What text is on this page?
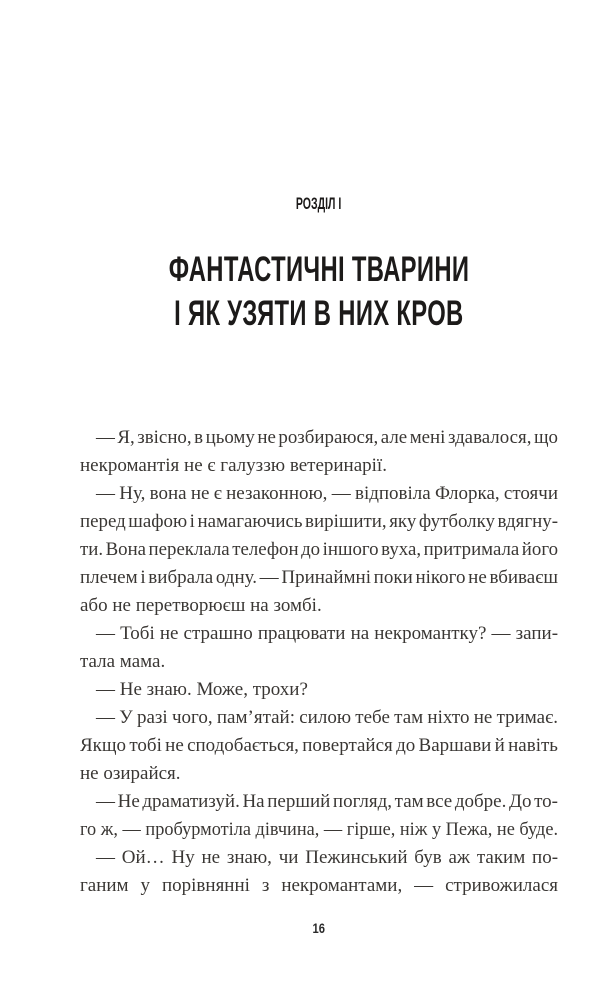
РОЗДІЛ І
ФАНТАСТИЧНІ ТВАРИНИ
І ЯК УЗЯТИ В НИХ КРОВ

— Я, звісно, в цьому не розбираюся, але мені здавалося, що
некромантія не є галуззю ветеринарії.

— Ну, вона не є незаконною, — відповіла Флорка, стоячи
перед шафою і намагаючись вирішити, яку футболку вдягну-
ти. Вона переклала телефон до іншого вуха, притримала його
плечем і вибрала одну. — Принаймні поки нікого не вбиваєш
або не перетворюєш на зомбі.

— Тобі не страшно працювати на некромантку? — запи-
тала мама.

— Не знаю. Може, трохи?

— У разі чого, пам’ятай: силою тебе там ніхто не тримає.
Якщо тобі не сподобається, повертайся до Варшави й навіть
не озирайся.

— Не драматизуй. На перший погляд, там все добре. До то-
го ж, — пробурмотіла дівчина, — гірше, ніж у Пежа, не буде.

— Ой… Ну не знаю, чи Пежинський був аж таким по-
ганим у порівнянні з некромантами, — стривожилася

16
